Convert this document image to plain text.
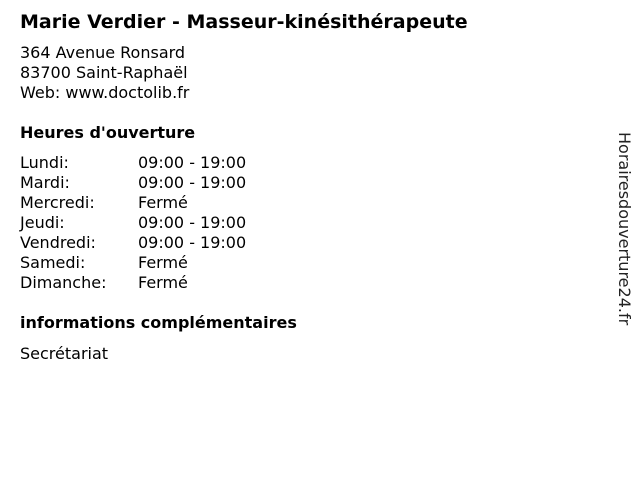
Marie Verdier - Masseur-kinésithérapeute
364 Avenue Ronsard
83700 Saint-Raphaël
Web: www.doctolib.fr
Heures d'ouverture
Lundi:	09:00 - 19:00
Mardi:	09:00 - 19:00
Mercredi:	Fermé
Jeudi:	09:00 - 19:00
Vendredi:	09:00 - 19:00
Samedi:	Fermé
Dimanche:	Fermé
informations complémentaires
Secrétariat
Horairesdouverture24.fr
